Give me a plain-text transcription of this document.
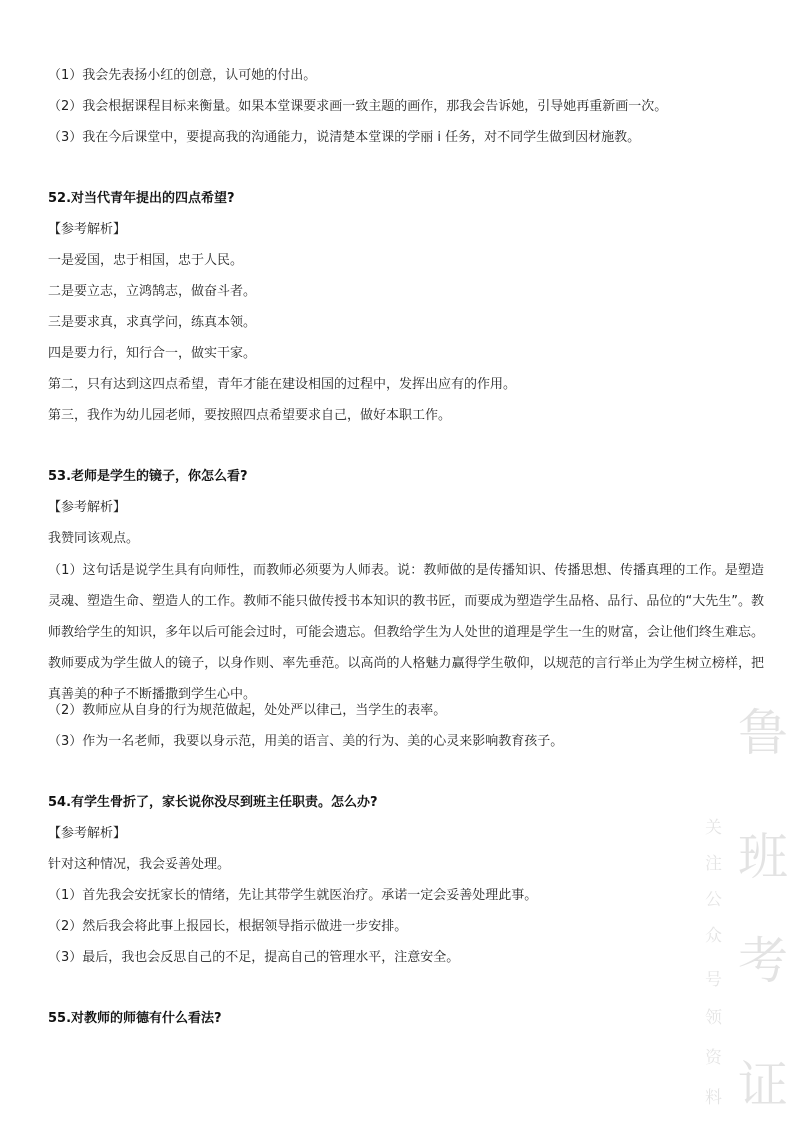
（1）我会先表扬小红的创意，认可她的付出。
（2）我会根据课程目标来衡量。如果本堂课要求画一致主题的画作，那我会告诉她，引导她再重新画一次。
（3）我在今后课堂中，要提高我的沟通能力，说清楚本堂课的学丽 i 任务，对不同学生做到因材施教。
52.对当代青年提出的四点希望?
【参考解析】
一是爱国，忠于相国，忠于人民。
二是要立志，立鸿鹄志，做奋斗者。
三是要求真，求真学问，练真本领。
四是要力行，知行合一，做实干家。
第二，只有达到这四点希望，青年才能在建设相国的过程中，发挥出应有的作用。
第三，我作为幼儿园老师，要按照四点希望要求自己，做好本职工作。
53.老师是学生的镜子，你怎么看?
【参考解析】
我赞同该观点。
（1）这句话是说学生具有向师性，而教师必须要为人师表。说：教师做的是传播知识、传播思想、传播真理的工作。是塑造灵魂、塑造生命、塑造人的工作。教师不能只做传授书本知识的教书匠，而要成为塑造学生品格、品行、品位的“大先生”。教师教给学生的知识，多年以后可能会过时，可能会遗忘。但教给学生为人处世的道理是学生一生的财富，会让他们终生难忘。教师要成为学生做人的镜子，以身作则、率先垂范。以高尚的人格魅力赢得学生敬仰，以规范的言行举止为学生树立榜样，把真善美的种子不断播撒到学生心中。
（2）教师应从自身的行为规范做起，处处严以律己，当学生的表率。
（3）作为一名老师，我要以身示范，用美的语言、美的行为、美的心灵来影响教育孩子。
54.有学生骨折了，家长说你没尽到班主任职责。怎么办?
【参考解析】
针对这种情况，我会妥善处理。
（1）首先我会安抚家长的情绪，先让其带学生就医治疗。承诺一定会妥善处理此事。
（2）然后我会将此事上报园长，根据领导指示做进一步安排。
（3）最后，我也会反思自己的不足，提高自己的管理水平，注意安全。
55.对教师的师德有什么看法?
鲁
班
考
证
关
注
公
众
号
领
资
料
